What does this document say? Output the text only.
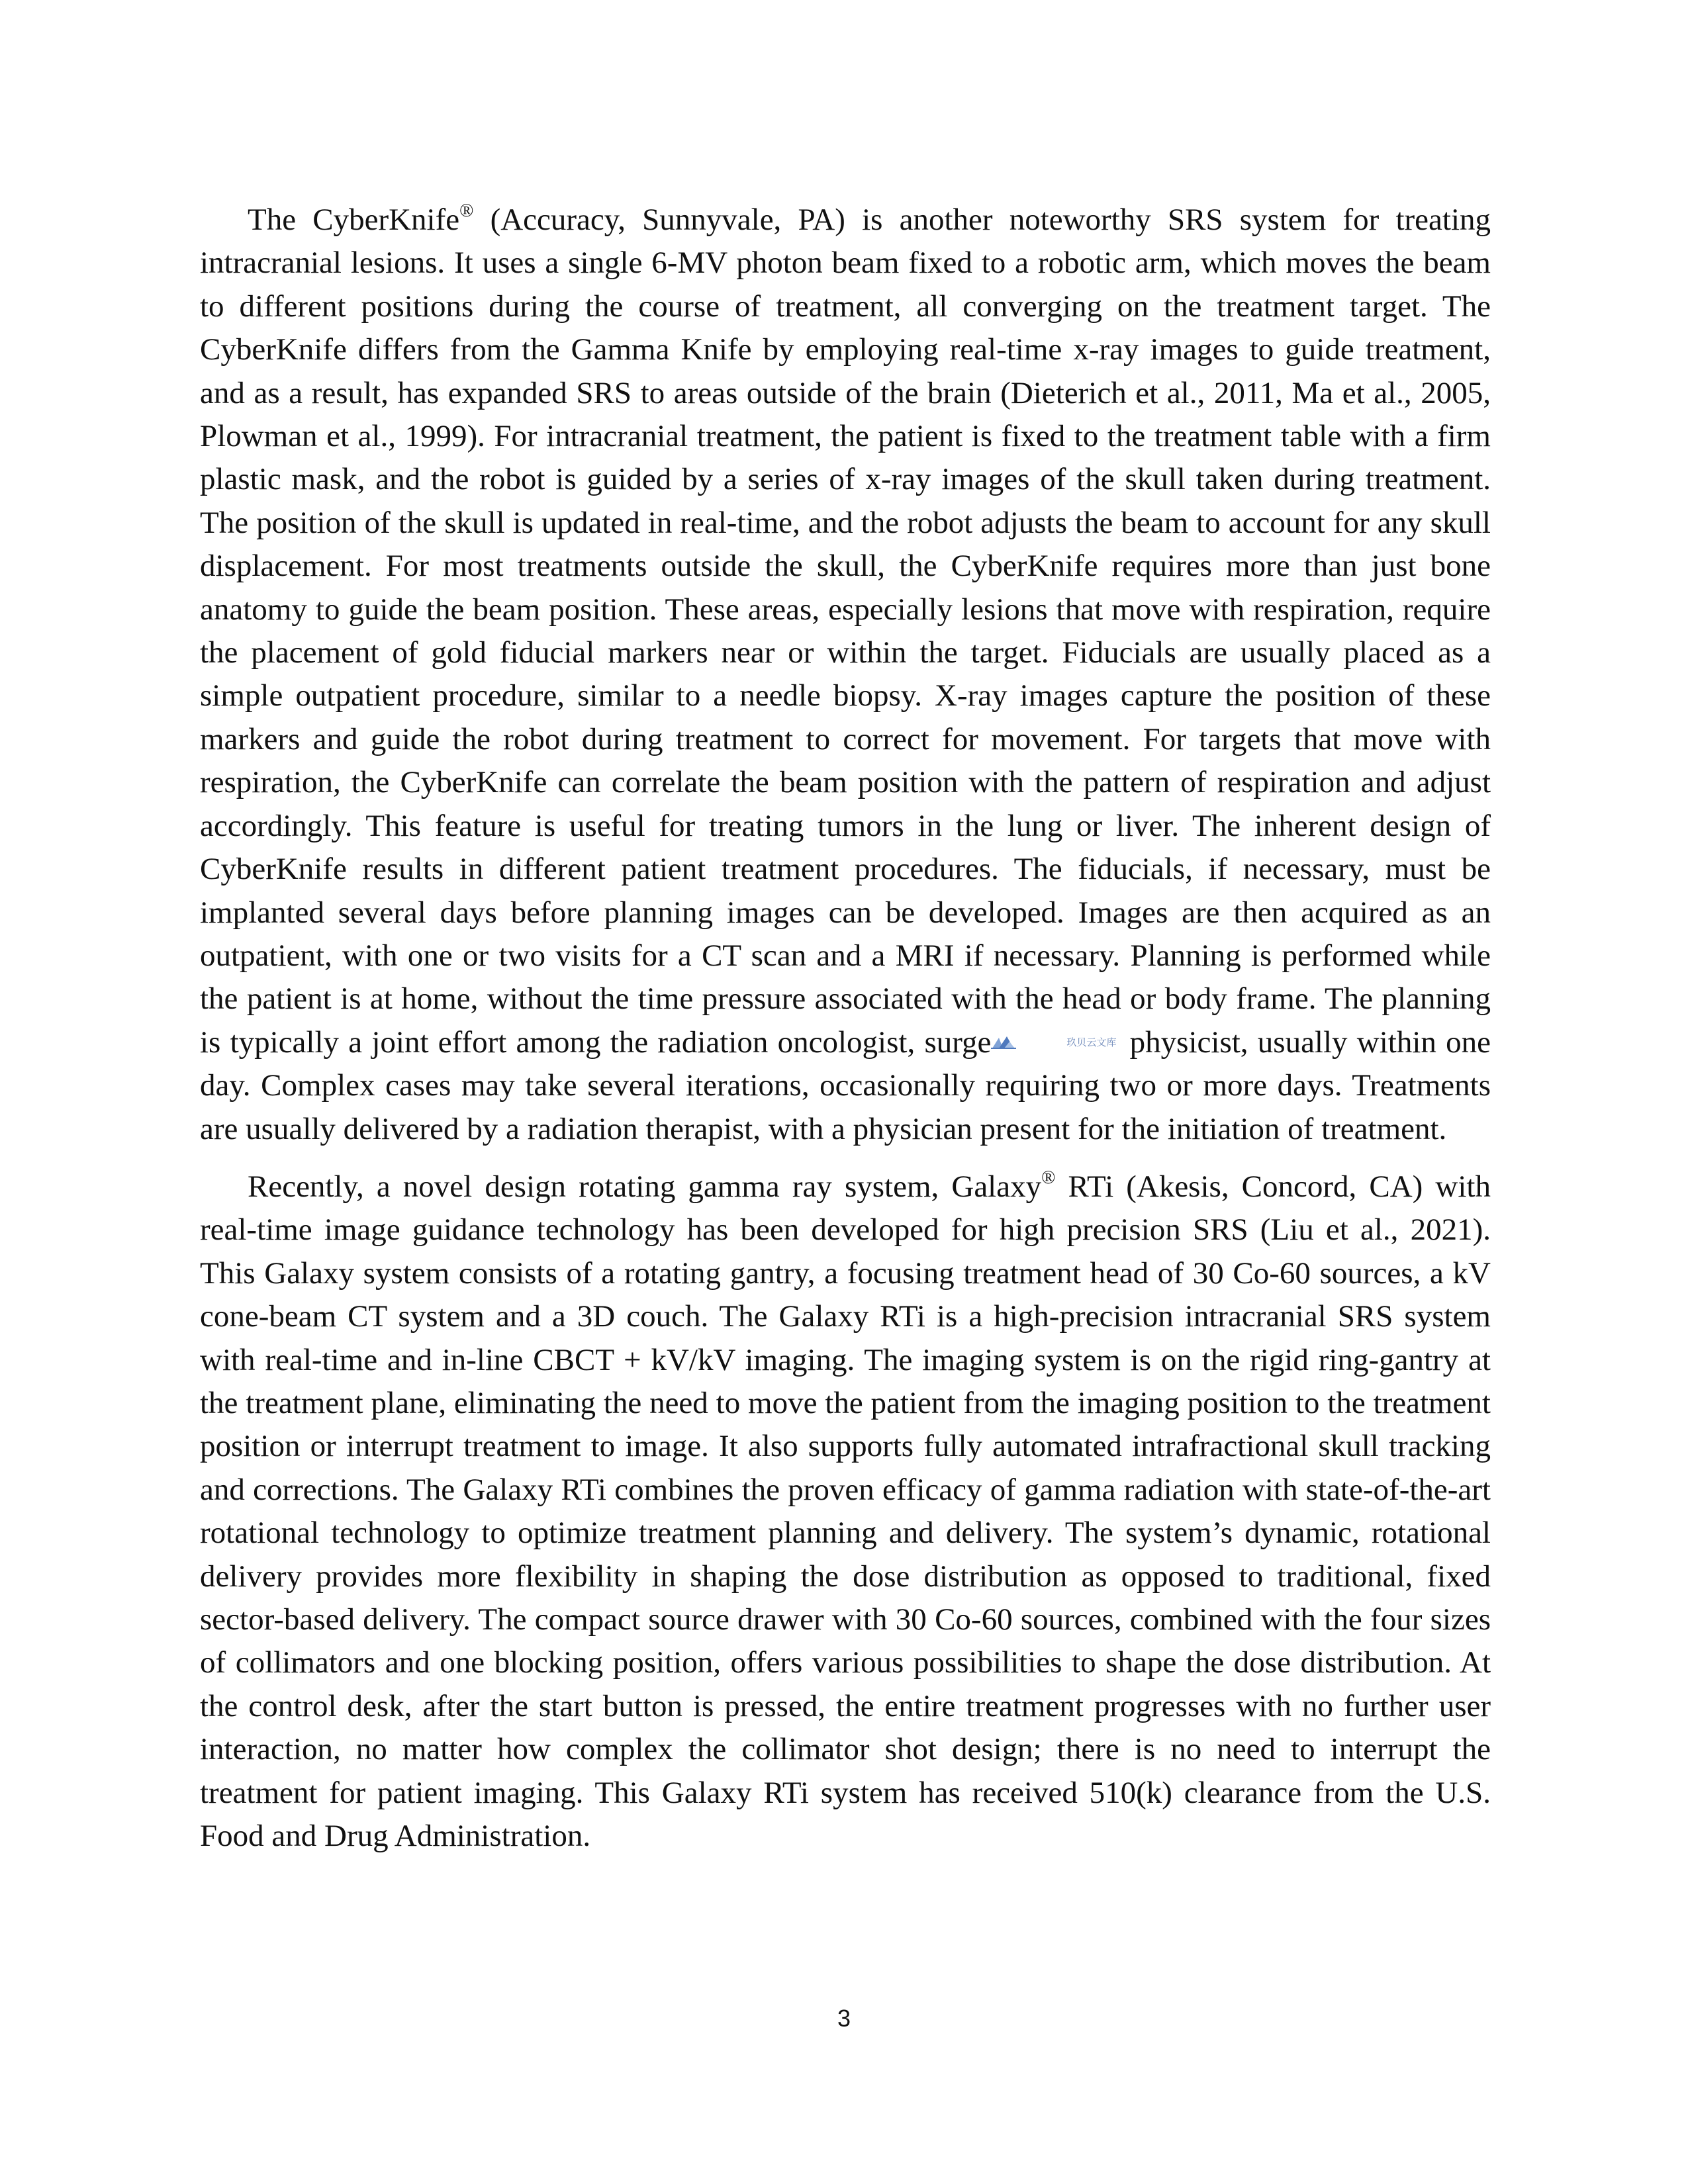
The CyberKnife® (Accuracy, Sunnyvale, PA) is another noteworthy SRS system for treating intracranial lesions. It uses a single 6-MV photon beam fixed to a robotic arm, which moves the beam to different positions during the course of treatment, all converging on the treatment target. The CyberKnife differs from the Gamma Knife by employing real-time x-ray images to guide treatment, and as a result, has expanded SRS to areas outside of the brain (Dieterich et al., 2011, Ma et al., 2005, Plowman et al., 1999). For intracranial treatment, the patient is fixed to the treatment table with a firm plastic mask, and the robot is guided by a series of x-ray images of the skull taken during treatment. The position of the skull is updated in real-time, and the robot adjusts the beam to account for any skull displacement. For most treatments outside the skull, the CyberKnife requires more than just bone anatomy to guide the beam position. These areas, especially lesions that move with respiration, require the placement of gold fiducial markers near or within the target. Fiducials are usually placed as a simple outpatient procedure, similar to a needle biopsy. X-ray images capture the position of these markers and guide the robot during treatment to correct for movement. For targets that move with respiration, the CyberKnife can correlate the beam position with the pattern of respiration and adjust accordingly. This feature is useful for treating tumors in the lung or liver. The inherent design of CyberKnife results in different patient treatment procedures. The fiducials, if necessary, must be implanted several days before planning images can be developed. Images are then acquired as an outpatient, with one or two visits for a CT scan and a MRI if necessary. Planning is performed while the patient is at home, without the time pressure associated with the head or body frame. The planning is typically a joint effort among the radiation oncologist, surge	玖贝云文库 physicist, usually within one day. Complex cases may take several iterations, occasionally requiring two or more days. Treatments are usually delivered by a radiation therapist, with a physician present for the initiation of treatment.

Recently, a novel design rotating gamma ray system, Galaxy® RTi (Akesis, Concord, CA) with real-time image guidance technology has been developed for high precision SRS (Liu et al., 2021). This Galaxy system consists of a rotating gantry, a focusing treatment head of 30 Co-60 sources, a kV cone-beam CT system and a 3D couch. The Galaxy RTi is a high-precision intracranial SRS system with real-time and in-line CBCT + kV/kV imaging. The imaging system is on the rigid ring-gantry at the treatment plane, eliminating the need to move the patient from the imaging position to the treatment position or interrupt treatment to image. It also supports fully automated intrafractional skull tracking and corrections. The Galaxy RTi combines the proven efficacy of gamma radiation with state-of-the-art rotational technology to optimize treatment planning and delivery. The system’s dynamic, rotational delivery provides more flexibility in shaping the dose distribution as opposed to traditional, fixed sector-based delivery. The compact source drawer with 30 Co-60 sources, combined with the four sizes of collimators and one blocking position, offers various possibilities to shape the dose distribution. At the control desk, after the start button is pressed, the entire treatment progresses with no further user interaction, no matter how complex the collimator shot design; there is no need to interrupt the treatment for patient imaging. This Galaxy RTi system has received 510(k) clearance from the U.S. Food and Drug Administration.

3
